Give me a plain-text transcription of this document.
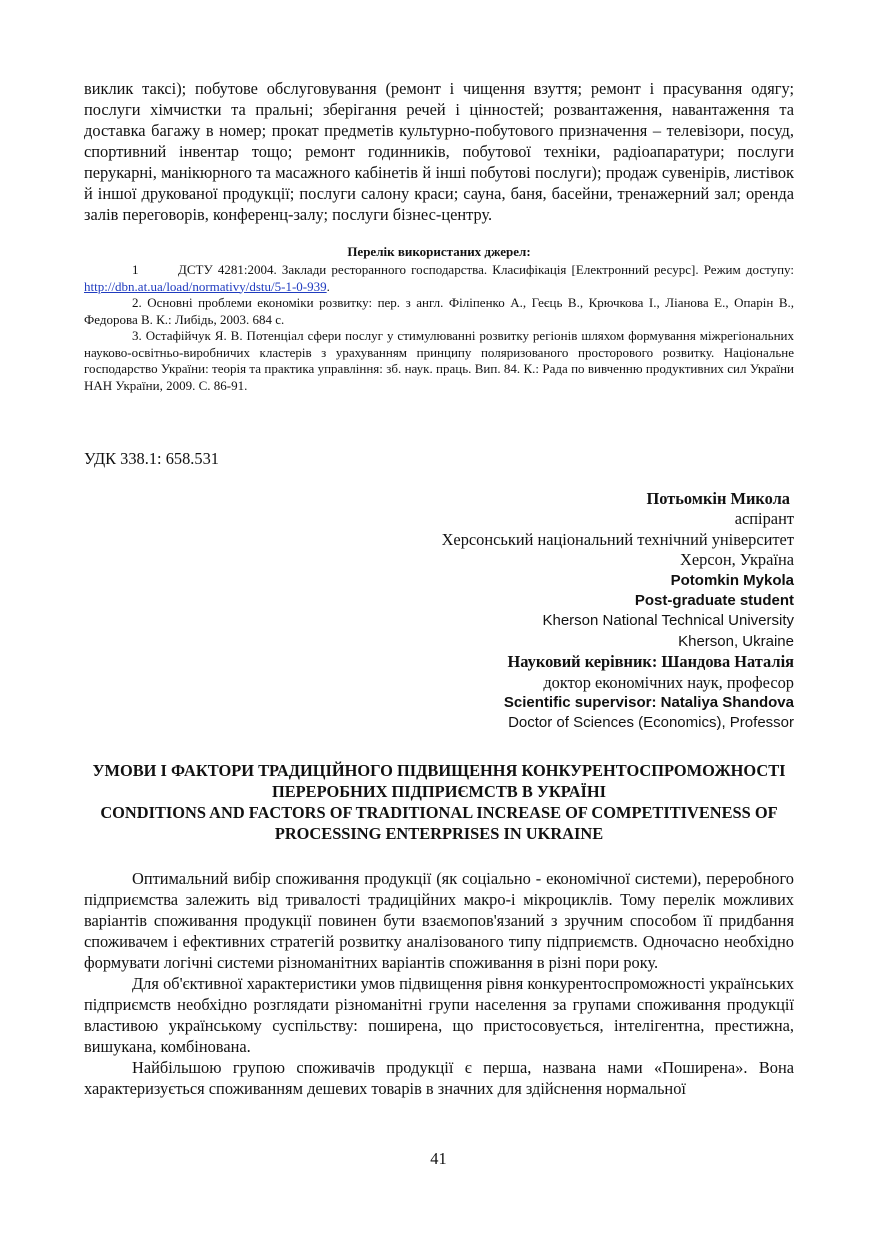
виклик таксі); побутове обслуговування (ремонт і чищення взуття; ремонт і прасування одягу; послуги хімчистки та пральні; зберігання речей і цінностей; розвантаження, навантаження та доставка багажу в номер; прокат предметів культурно-побутового призначення – телевізори, посуд, спортивний інвентар тощо; ремонт годинників, побутової техніки, радіоапаратури; послуги перукарні, манікюрного та масажного кабінетів й інші побутові послуги); продаж сувенірів, листівок й іншої друкованої продукції; послуги салону краси; сауна, баня, басейни, тренажерний зал; оренда залів переговорів, конференц-залу; послуги бізнес-центру.

Перелік використаних джерел:

1	ДСТУ 4281:2004. Заклади ресторанного господарства. Класифікація [Електронний ресурс]. Режим доступу: http://dbn.at.ua/load/normativy/dstu/5-1-0-939.

2. Основні проблеми економіки розвитку: пер. з англ. Філіпенко А., Геєць В., Крючкова І., Ліанова Е., Опарін В., Федорова В. К.: Либідь, 2003. 684 с.

3. Остафійчук Я. В. Потенціал сфери послуг у стимулюванні розвитку регіонів шляхом формування міжрегіональних науково-освітньо-виробничих кластерів з урахуванням принципу поляризованого просторового розвитку. Національне господарство України: теорія та практика управління: зб. наук. праць. Вип. 84. К.: Рада по вивченню продуктивних сил України НАН України, 2009. С. 86-91.

УДК 338.1: 658.531
Потьомкін Микола
аспірант
Херсонський національний технічний університет
Херсон, Україна
Potomkin Mykola
Post-graduate student
Kherson National Technical University
Kherson, Ukraine
Науковий керівник: Шандова Наталія
доктор економічних наук, професор
Scientific supervisor: Nataliya Shandova
Doctor of Sciences (Economics), Professor
УМОВИ І ФАКТОРИ ТРАДИЦІЙНОГО ПІДВИЩЕННЯ КОНКУРЕНТОСПРОМОЖНОСТІ ПЕРЕРОБНИХ ПІДПРИЄМСТВ В УКРАЇНІ
CONDITIONS AND FACTORS OF TRADITIONAL INCREASE OF COMPETITIVENESS OF PROCESSING ENTERPRISES IN UKRAINE

Оптимальний вибір споживання продукції (як соціально - економічної системи), переробного підприємства залежить від тривалості традиційних макро-і мікроциклів. Тому перелік можливих варіантів споживання продукції повинен бути взаємопов'язаний з зручним способом її придбання споживачем і ефективних стратегій розвитку аналізованого типу підприємств. Одночасно необхідно формувати логічні системи різноманітних варіантів споживання в різні пори року.

Для об'єктивної характеристики умов підвищення рівня конкурентоспроможності українських підприємств необхідно розглядати різноманітні групи населення за групами споживання продукції властивою українському суспільству: поширена, що пристосовується, інтелігентна, престижна, вишукана, комбінована.

Найбільшою групою споживачів продукції є перша, названа нами «Поширена». Вона характеризується споживанням дешевих товарів в значних для здійснення нормальної

41
